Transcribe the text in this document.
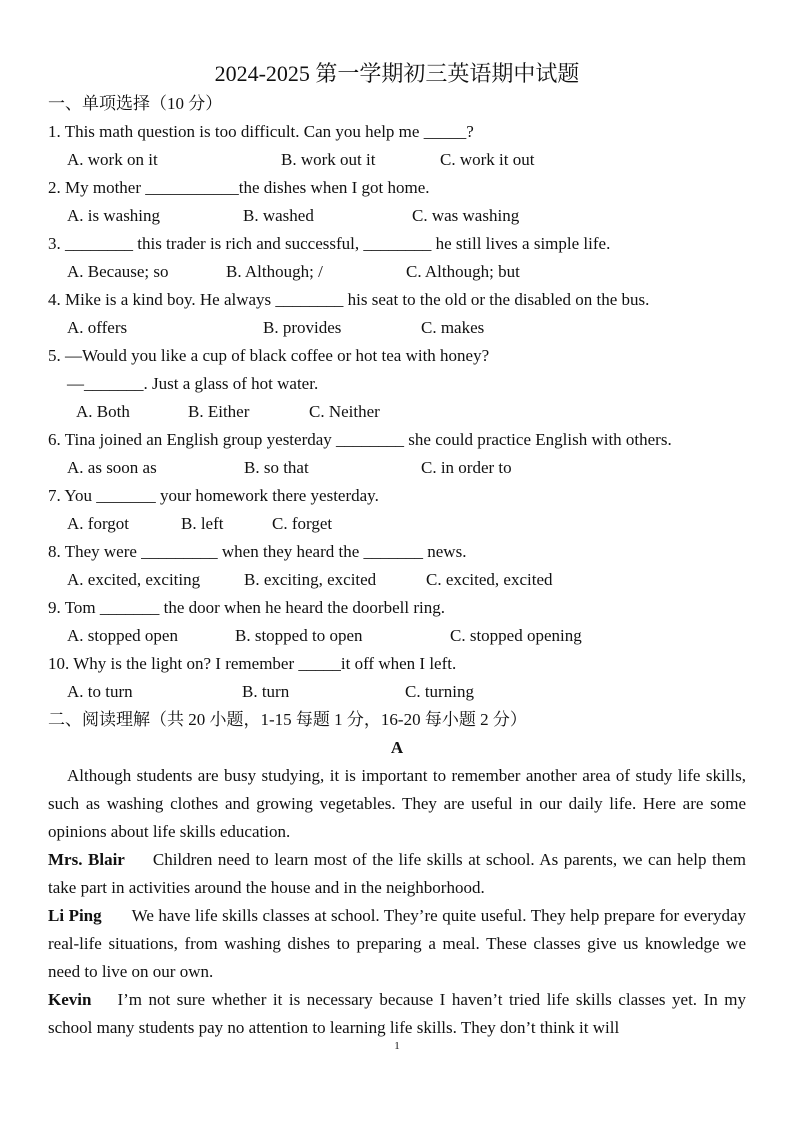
2024-2025 第一学期初三英语期中试题
一、单项选择（10 分）
1. This math question is too difficult. Can you help me _____?
A. work on it	B. work out it	C. work it out
2. My mother ___________the dishes when I got home.
A. is washing	B. washed	C. was washing
3. ________ this trader is rich and successful, ________ he still lives a simple life.
A. Because; so	B. Although; /	C. Although; but
4. Mike is a kind boy. He always ________ his seat to the old or the disabled on the bus.
A. offers	B. provides	C. makes
5. —Would you like a cup of black coffee or hot tea with honey?
—_______. Just a glass of hot water.
A. Both	B. Either	C. Neither
6. Tina joined an English group yesterday ________ she could practice English with others.
A. as soon as	B. so that	C. in order to
7. You _______ your homework there yesterday.
A. forgot	B. left	C. forget
8. They were _________ when they heard the _______ news.
A. excited, exciting	B. exciting, excited	C. excited, excited
9. Tom _______ the door when he heard the doorbell ring.
A. stopped open	B. stopped to open	C. stopped opening
10. Why is the light on? I remember _____it off when I left.
A. to turn	B. turn	C. turning
二、阅读理解（共 20 小题，1-15 每题 1 分，16-20 每小题 2 分）
A

Although students are busy studying, it is important to remember another area of study life skills, such as washing clothes and growing vegetables. They are useful in our daily life. Here are some opinions about life skills education.

Mrs. Blair Children need to learn most of the life skills at school. As parents, we can help them take part in activities around the house and in the neighborhood.

Li Ping We have life skills classes at school. They’re quite useful. They help prepare for everyday real-life situations, from washing dishes to preparing a meal. These classes give us knowledge we need to live on our own.

Kevin I’m not sure whether it is necessary because I haven’t tried life skills classes yet. In my school many students pay no attention to learning life skills. They don’t think it will

1
